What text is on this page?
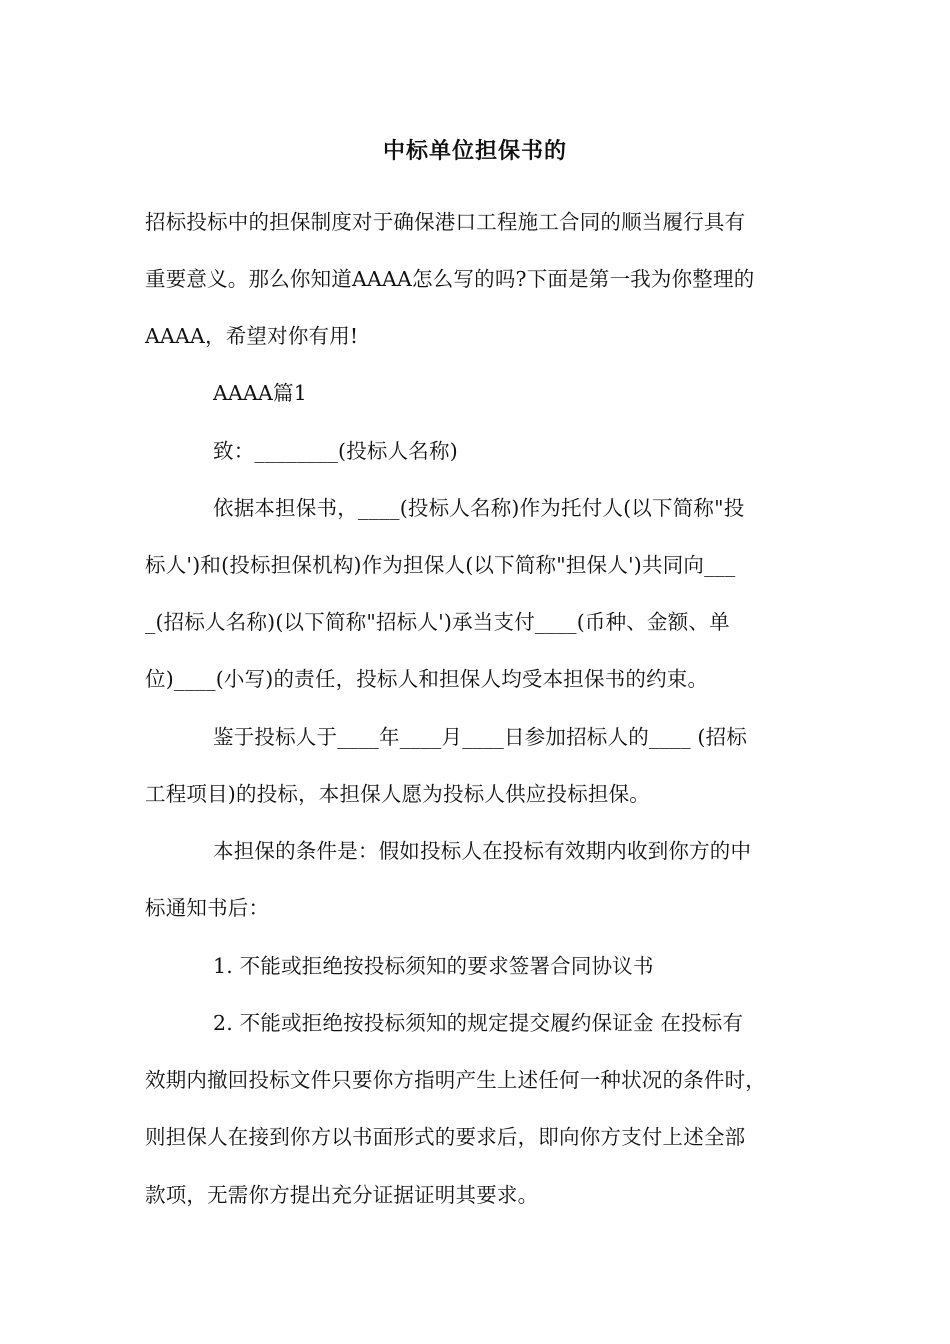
中标单位担保书的
招标投标中的担保制度对于确保港口工程施工合同的顺当履行具有
重要意义。那么你知道AAAA怎么写的吗?下面是第一我为你整理的
AAAA，希望对你有用!
AAAA篇1
致：________(投标人名称)
依据本担保书，____(投标人名称)作为托付人(以下简称"投
标人')和(投标担保机构)作为担保人(以下简称"担保人')共同向___
_(招标人名称)(以下简称"招标人')承当支付____(币种、金额、单
位)____(小写)的责任，投标人和担保人均受本担保书的约束。
鉴于投标人于____年____月____日参加招标人的____ (招标
工程项目)的投标，本担保人愿为投标人供应投标担保。
本担保的条件是：假如投标人在投标有效期内收到你方的中
标通知书后：
1. 不能或拒绝按投标须知的要求签署合同协议书
2. 不能或拒绝按投标须知的规定提交履约保证金 在投标有
效期内撤回投标文件只要你方指明产生上述任何一种状况的条件时，
则担保人在接到你方以书面形式的要求后，即向你方支付上述全部
款项，无需你方提出充分证据证明其要求。
